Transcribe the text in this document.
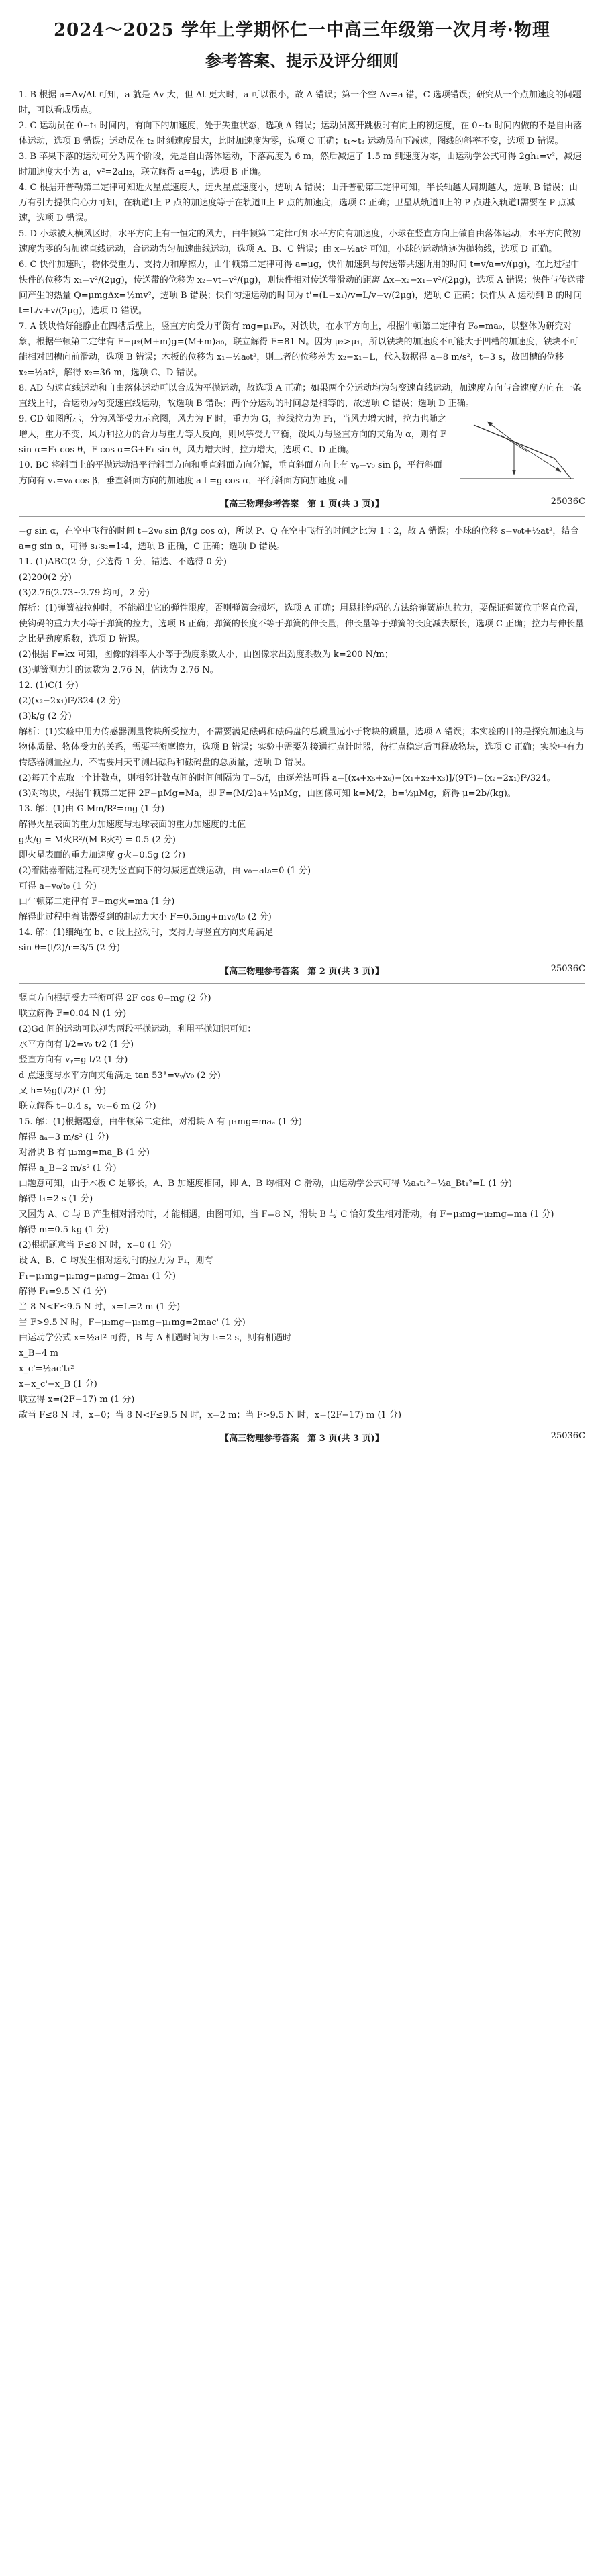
2024～2025 学年上学期怀仁一中高三年级第一次月考·物理
参考答案、提示及评分细则

1. B 根据 a=Δv/Δt 可知，a 就是 Δv 大，但 Δt 更大时，a 可以很小，故 A 错误；第一个空 Δv=a 错，C 选项错误；研究从一个点加速度的问题时，可以看成质点。

2. C 运动员在 0~t₁ 时间内，有向下的加速度，处于失重状态，选项 A 错误；运动员离开跳板时有向上的初速度，在 0~t₁ 时间内做的不是自由落体运动，选项 B 错误；运动员在 t₂ 时刻速度最大，此时加速度为零，选项 C 正确；t₁~t₃ 运动员向下减速，图线的斜率不变，选项 D 错误。

3. B 苹果下落的运动可分为两个阶段，先是自由落体运动，下落高度为 6 m，然后减速了 1.5 m 到速度为零，由运动学公式可得 2gh₁=v²，减速时加速度大小为 a，v²=2ah₂，联立解得 a=4g，选项 B 正确。

4. C 根据开普勒第二定律可知近火星点速度大，远火星点速度小，选项 A 错误；由开普勒第三定律可知，半长轴越大周期越大，选项 B 错误；由万有引力提供向心力可知，在轨道Ⅰ上 P 点的加速度等于在轨道Ⅱ上 P 点的加速度，选项 C 正确；卫星从轨道Ⅱ上的 P 点进入轨道Ⅰ需要在 P 点减速，选项 D 错误。

5. D 小球被人横风区时，水平方向上有一恒定的风力，由牛顿第二定律可知水平方向有加速度，小球在竖直方向上做自由落体运动，水平方向做初速度为零的匀加速直线运动，合运动为匀加速曲线运动，选项 A、B、C 错误；由 x=½at² 可知，小球的运动轨迹为抛物线，选项 D 正确。

6. C 快件加速时，物体受重力、支持力和摩擦力，由牛顿第二定律可得 a=μg，快件加速到与传送带共速所用的时间 t=v/a=v/(μg)，在此过程中快件的位移为 x₁=v²/(2μg)，传送带的位移为 x₂=vt=v²/(μg)，则快件相对传送带滑动的距离 Δx=x₂−x₁=v²/(2μg)，选项 A 错误；快件与传送带间产生的热量 Q=μmgΔx=½mv²，选项 B 错误；快件匀速运动的时间为 t'=(L−x₁)/v=L/v−v/(2μg)，选项 C 正确；快件从 A 运动到 B 的时间 t=L/v+v/(2μg)，选项 D 错误。

7. A 铁块恰好能静止在四槽后壁上，竖直方向受力平衡有 mg=μ₁F₀，对铁块，在水平方向上，根据牛顿第二定律有 F₀=ma₀，以整体为研究对象，根据牛顿第二定律有 F−μ₂(M+m)g=(M+m)a₀，联立解得 F=81 N。因为 μ₂>μ₁，所以铁块的加速度不可能大于凹槽的加速度，铁块不可能相对凹槽向前滑动，选项 B 错误；木板的位移为 x₁=½a₀t²，则二者的位移差为 x₂−x₁=L，代入数据得 a=8 m/s²，t=3 s，故凹槽的位移 x₂=½at²，解得 x₂=36 m，选项 C、D 错误。

8. AD 匀速直线运动和自由落体运动可以合成为平抛运动，故选项 A 正确；如果两个分运动均为匀变速直线运动，加速度方向与合速度方向在一条直线上时，合运动为匀变速直线运动，故选项 B 错误；两个分运动的时间总是相等的，故选项 C 错误；选项 D 正确。

9. CD 如图所示，分为风筝受力示意图，风力为 F 时，重力为 G，拉线拉力为 F₁，当风力增大时，拉力也随之增大，重力不变，风力和拉力的合力与重力等大反向，则风筝受力平衡，设风力与竖直方向的夹角为 α，则有 F sin α=F₁ cos θ，F cos α=G+F₁ sin θ，风力增大时，拉力增大，选项 C、D 正确。

10. BC 将斜面上的平抛运动沿平行斜面方向和垂直斜面方向分解，垂直斜面方向上有 vₚ=v₀ sin β，平行斜面方向有 vₓ=v₀ cos β，垂直斜面方向的加速度 a⊥=g cos α，平行斜面方向加速度 a∥

【高三物理参考答案　第 1 页(共 3 页)】	25036C

=g sin α，在空中飞行的时间 t=2v₀ sin β/(g cos α)，所以 P、Q 在空中飞行的时间之比为 1∶2，故 A 错误；小球的位移 s=v₀t+½at²，结合 a=g sin α，可得 s₁∶s₂=1∶4，选项 B 正确，C 正确；选项 D 错误。

11. (1)ABC(2 分，少选得 1 分，错选、不选得 0 分)

(2)200(2 分)

(3)2.76(2.73~2.79 均可，2 分)

解析：(1)弹簧被拉伸时，不能超出它的弹性限度，否则弹簧会损坏，选项 A 正确；用悬挂钩码的方法给弹簧施加拉力，要保证弹簧位于竖直位置，使钩码的重力大小等于弹簧的拉力，选项 B 正确；弹簧的长度不等于弹簧的伸长量，伸长量等于弹簧的长度减去原长，选项 C 正确；拉力与伸长量之比是劲度系数，选项 D 错误。

(2)根据 F=kx 可知，图像的斜率大小等于劲度系数大小，由图像求出劲度系数为 k=200 N/m；

(3)弹簧测力计的读数为 2.76 N，估读为 2.76 N。

12. (1)C(1 分)

(2)(x₂−2x₁)f²/324 (2 分)

(3)k/g (2 分)

解析：(1)实验中用力传感器测量物块所受拉力，不需要满足砝码和砝码盘的总质量远小于物块的质量，选项 A 错误；本实验的目的是探究加速度与物体质量、物体受力的关系，需要平衡摩擦力，选项 B 错误；实验中需要先接通打点计时器，待打点稳定后再释放物块，选项 C 正确；实验中有力传感器测量拉力，不需要用天平测出砝码和砝码盘的总质量，选项 D 错误。

(2)每五个点取一个计数点，则相邻计数点间的时间间隔为 T=5/f，由逐差法可得 a=[(x₄+x₅+x₆)−(x₁+x₂+x₃)]/(9T²)=(x₂−2x₁)f²/324。

(3)对物块，根据牛顿第二定律 2F−μMg=Ma，即 F=(M/2)a+½μMg，由图像可知 k=M/2，b=½μMg，解得 μ=2b/(kg)。

13. 解：(1)由 G Mm/R²=mg (1 分)

解得火星表面的重力加速度与地球表面的重力加速度的比值

g火/g = M火R²/(M R火²) = 0.5 (2 分)

即火星表面的重力加速度 g火=0.5g (2 分)

(2)着陆器着陆过程可视为竖直向下的匀减速直线运动，由 v₀−at₀=0 (1 分)

可得 a=v₀/t₀ (1 分)

由牛顿第二定律有 F−mg火=ma (1 分)

解得此过程中着陆器受到的制动力大小 F=0.5mg+mv₀/t₀ (2 分)

14. 解：(1)细绳在 b、c 段上拉动时，支持力与竖直方向夹角满足

sin θ=(l/2)/r=3/5 (2 分)

【高三物理参考答案　第 2 页(共 3 页)】	25036C

竖直方向根据受力平衡可得 2F cos θ=mg (2 分)

联立解得 F=0.04 N (1 分)

(2)Gd 间的运动可以视为两段平抛运动，利用平抛知识可知：

水平方向有 l/2=v₀ t/2 (1 分)

竖直方向有 vᵧ=g t/2 (1 分)

d 点速度与水平方向夹角满足 tan 53°=vᵧ/v₀ (2 分)

又 h=½g(t/2)² (1 分)

联立解得 t=0.4 s，v₀=6 m (2 分)

15. 解：(1)根据题意，由牛顿第二定律，对滑块 A 有 μ₁mg=maₐ (1 分)

解得 aₐ=3 m/s² (1 分)

对滑块 B 有 μ₂mg=ma_B (1 分)

解得 a_B=2 m/s² (1 分)

由题意可知，由于木板 C 足够长，A、B 加速度相同，即 A、B 均相对 C 滑动，由运动学公式可得 ½aₐt₁²−½a_Bt₁²=L (1 分)

解得 t₁=2 s (1 分)

又因为 A、C 与 B 产生相对滑动时，才能相遇，由图可知，当 F=8 N，滑块 B 与 C 恰好发生相对滑动，有 F−μ₃mg−μ₂mg=ma (1 分)

解得 m=0.5 kg (1 分)

(2)根据题意当 F≤8 N 时，x=0 (1 分)

设 A、B、C 均发生相对运动时的拉力为 F₁，则有

F₁−μ₁mg−μ₂mg−μ₃mg=2ma₁ (1 分)

解得 F₁=9.5 N (1 分)

当 8 N<F≤9.5 N 时，x=L=2 m (1 分)

当 F>9.5 N 时，F−μ₂mg−μ₃mg−μ₁mg=2mac' (1 分)

由运动学公式 x=½at² 可得，B 与 A 相遇时间为 t₁=2 s，则有相遇时

x_B=4 m

x_c'=½ac't₁²

x=x_c'−x_B (1 分)

联立得 x=(2F−17) m (1 分)

故当 F≤8 N 时，x=0；当 8 N<F≤9.5 N 时，x=2 m；当 F>9.5 N 时，x=(2F−17) m (1 分)

【高三物理参考答案　第 3 页(共 3 页)】	25036C
